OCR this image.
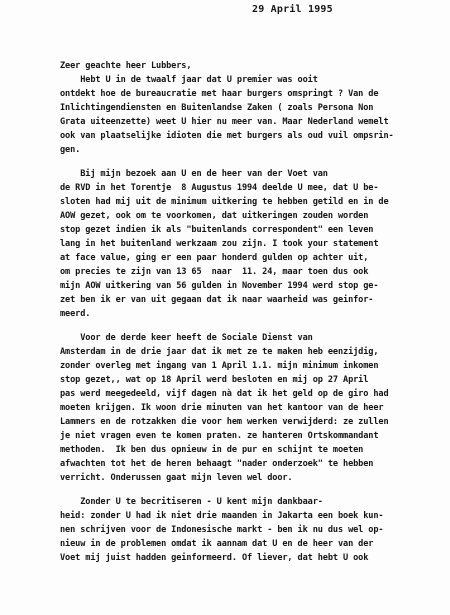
29 April 1995
Zeer geachte heer Lubbers,
Hebt U in de twaalf jaar dat U premier was ooit
ontdekt hoe de bureaucratie met haar burgers omspringt ? Van de
Inlichtingendiensten en Buitenlandse Zaken ( zoals Persona Non
Grata uiteenzette) weet U hier nu meer van. Maar Nederland wemelt
ook van plaatselijke idioten die met burgers als oud vuil ompsrin-
gen.
Bij mijn bezoek aan U en de heer van der Voet van
de RVD in het Torentje  8 Augustus 1994 deelde U mee, dat U be-
sloten had mij uit de minimum uitkering te hebben getild en in de
AOW gezet, ook om te voorkomen, dat uitkeringen zouden worden
stop gezet indien ik als "buitenlands correspondent" een leven
lang in het buitenland werkzaam zou zijn. I took your statement
at face value, ging er een paar honderd gulden op achter uit,
om precies te zijn van 13 65  naar  11. 24, maar toen dus ook
mijn AOW uitkering van 56 gulden in November 1994 werd stop ge-
zet ben ik er van uit gegaan dat ik naar waarheid was geinfor-
meerd.
Voor de derde keer heeft de Sociale Dienst van
Amsterdam in de drie jaar dat ik met ze te maken heb eenzijdig,
zonder overleg met ingang van 1 April 1.1. mijn minimum inkomen
stop gezet,, wat op 18 April werd besloten en mij op 27 April
pas werd meegedeeld, vijf dagen nà dat ik het geld op de giro had
moeten krijgen. Ik woon drie minuten van het kantoor van de heer
Lammers en de rotzakken die voor hem werken verwijderd: ze zullen
je niet vragen even te komen praten. ze hanteren Ortskommandant
methoden.  Ik ben dus opnieuw in de pur en schijnt te moeten
afwachten tot het de heren behaagt "nader onderzoek" te hebben
verricht. Onderussen gaat mijn leven wel door.
Zonder U te becritiseren - U kent mijn dankbaar-
heid: zonder U had ik niet drie maanden in Jakarta een boek kun-
nen schrijven voor de Indonesische markt - ben ik nu dus wel op-
nieuw in de problemen omdat ik aannam dat U en de heer van der
Voet mij juist hadden geinformeerd. Of liever, dat hebt U ook
